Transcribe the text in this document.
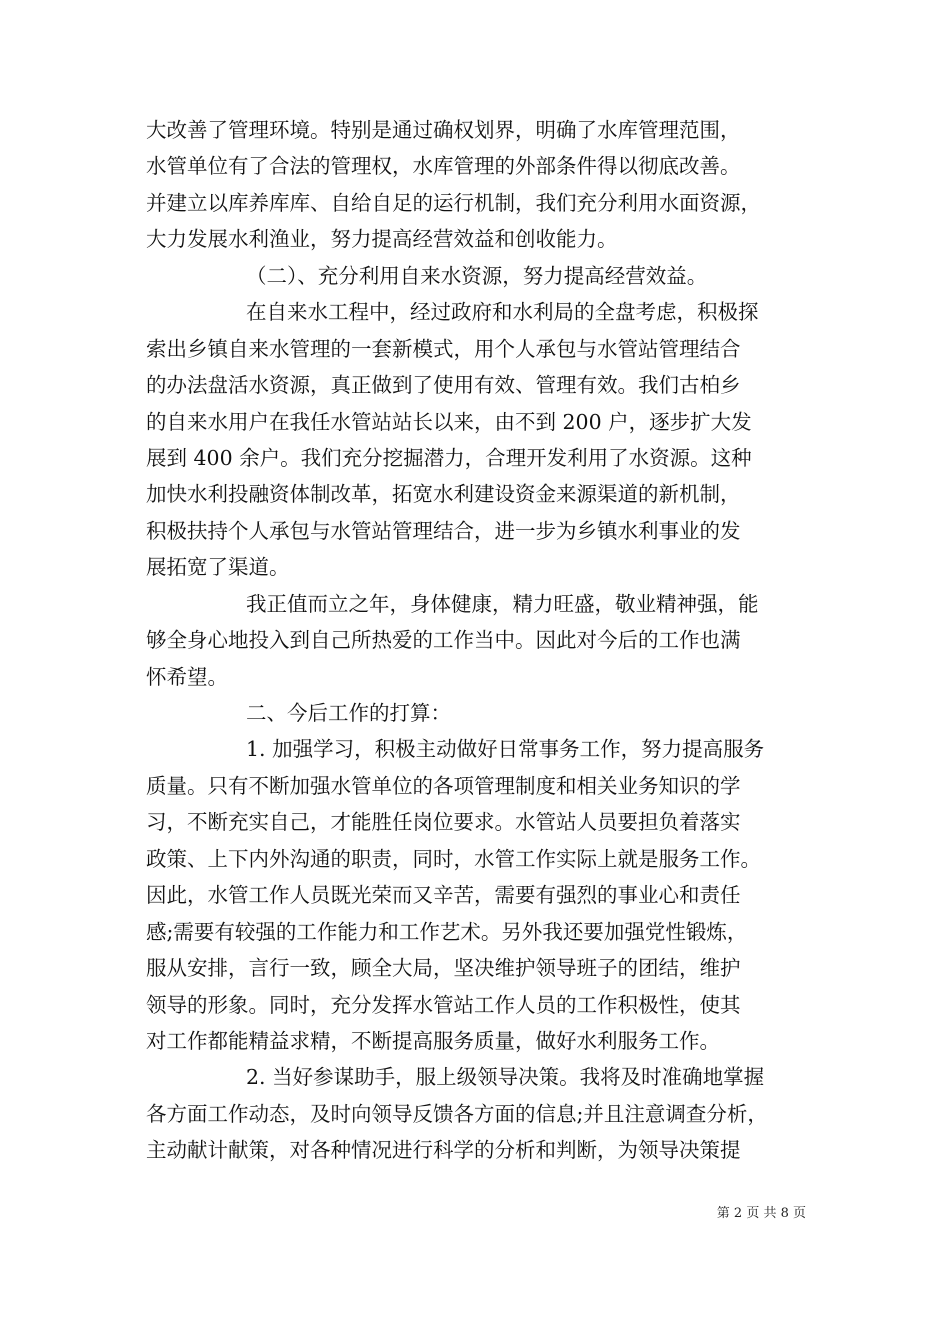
大改善了管理环境。特别是通过确权划界，明确了水库管理范围，
水管单位有了合法的管理权，水库管理的外部条件得以彻底改善。
并建立以库养库库、自给自足的运行机制，我们充分利用水面资源，
大力发展水利渔业，努力提高经营效益和创收能力。
（二）、充分利用自来水资源，努力提高经营效益。
在自来水工程中，经过政府和水利局的全盘考虑，积极探
索出乡镇自来水管理的一套新模式，用个人承包与水管站管理结合
的办法盘活水资源，真正做到了使用有效、管理有效。我们古柏乡
的自来水用户在我任水管站站长以来，由不到 200 户，逐步扩大发
展到 400 余户。我们充分挖掘潜力，合理开发利用了水资源。这种
加快水利投融资体制改革，拓宽水利建设资金来源渠道的新机制，
积极扶持个人承包与水管站管理结合，进一步为乡镇水利事业的发
展拓宽了渠道。
我正值而立之年，身体健康，精力旺盛，敬业精神强，能
够全身心地投入到自己所热爱的工作当中。因此对今后的工作也满
怀希望。
二、今后工作的打算：
1. 加强学习，积极主动做好日常事务工作，努力提高服务
质量。只有不断加强水管单位的各项管理制度和相关业务知识的学
习，不断充实自己，才能胜任岗位要求。水管站人员要担负着落实
政策、上下内外沟通的职责，同时，水管工作实际上就是服务工作。
因此，水管工作人员既光荣而又辛苦，需要有强烈的事业心和责任
感;需要有较强的工作能力和工作艺术。另外我还要加强党性锻炼，
服从安排，言行一致，顾全大局，坚决维护领导班子的团结，维护
领导的形象。同时，充分发挥水管站工作人员的工作积极性，使其
对工作都能精益求精，不断提高服务质量，做好水利服务工作。
2. 当好参谋助手，服上级领导决策。我将及时准确地掌握
各方面工作动态，及时向领导反馈各方面的信息;并且注意调查分析，
主动献计献策，对各种情况进行科学的分析和判断，为领导决策提
第 2 页 共 8 页
